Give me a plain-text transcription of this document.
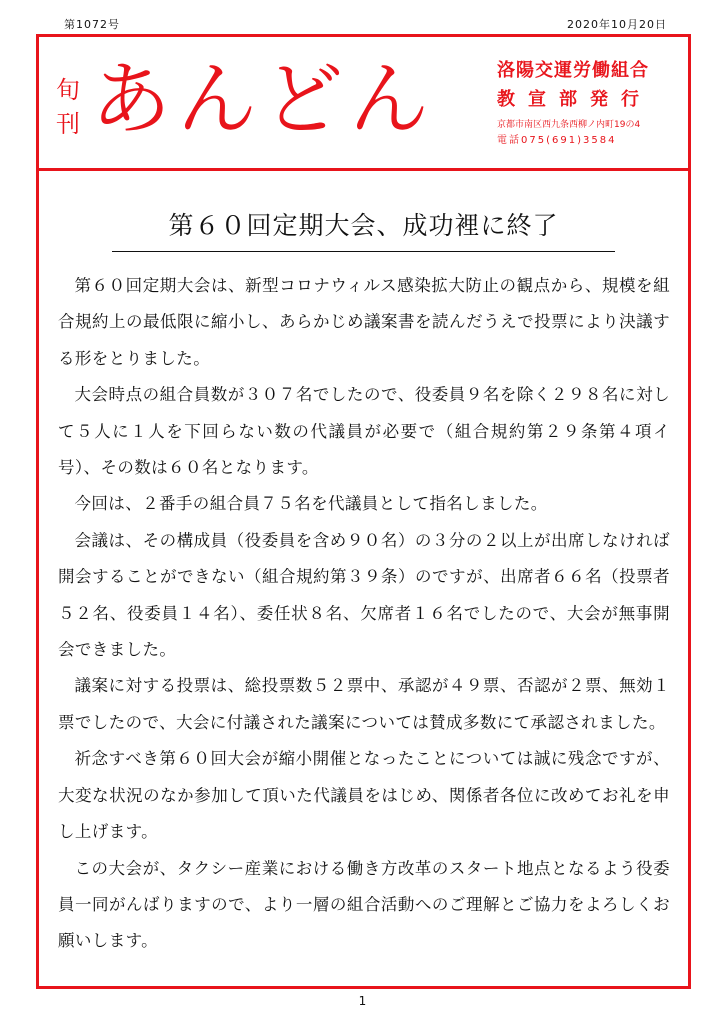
第1072号	2020年10月20日
旬刊 あんどん	洛陽交運労働組合
教宣部発行
京都市南区西九条西柳ノ内町19の4
電話075(691)3584
第６０回定期大会、成功裡に終了

第６０回定期大会は、新型コロナウィルス感染拡大防止の観点から、規模を組合規約上の最低限に縮小し、あらかじめ議案書を読んだうえで投票により決議する形をとりました。

大会時点の組合員数が３０７名でしたので、役委員９名を除く２９８名に対して５人に１人を下回らない数の代議員が必要で（組合規約第２９条第４項イ号）、その数は６０名となります。

今回は、２番手の組合員７５名を代議員として指名しました。

会議は、その構成員（役委員を含め９０名）の３分の２以上が出席しなければ開会することができない（組合規約第３９条）のですが、出席者６６名（投票者５２名、役委員１４名）、委任状８名、欠席者１６名でしたので、大会が無事開会できました。

議案に対する投票は、総投票数５２票中、承認が４９票、否認が２票、無効１票でしたので、大会に付議された議案については賛成多数にて承認されました。

祈念すべき第６０回大会が縮小開催となったことについては誠に残念ですが、大変な状況のなか参加して頂いた代議員をはじめ、関係者各位に改めてお礼を申し上げます。

この大会が、タクシー産業における働き方改革のスタート地点となるよう役委員一同がんばりますので、より一層の組合活動へのご理解とご協力をよろしくお願いします。

1
